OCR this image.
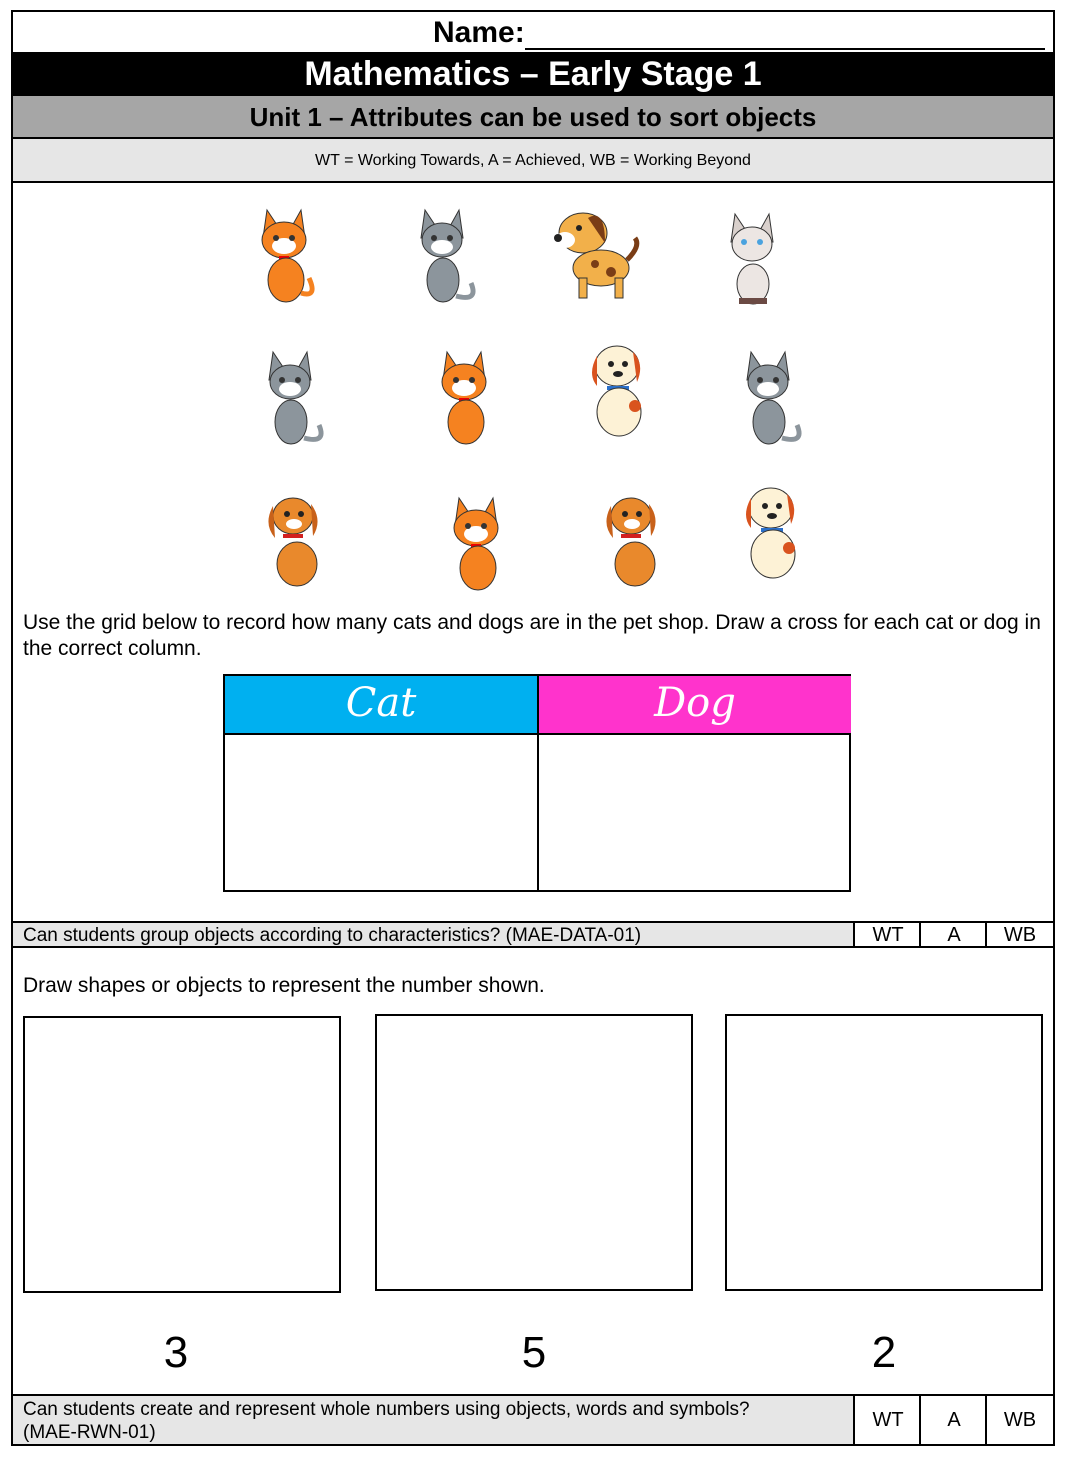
Name:
Mathematics – Early Stage 1
Unit 1 – Attributes can be used to sort objects
WT = Working Towards, A = Achieved, WB = Working Beyond
Use the grid below to record how many cats and dogs are in the pet shop. Draw a cross for each cat or dog in the correct column.
Cat	Dog
Can students group objects according to characteristics? (MAE-DATA-01)	WT	A	WB
Draw shapes or objects to represent the number shown.
3	5	2
Can students create and represent whole numbers using objects, words and symbols?
(MAE-RWN-01)
WT	A	WB
